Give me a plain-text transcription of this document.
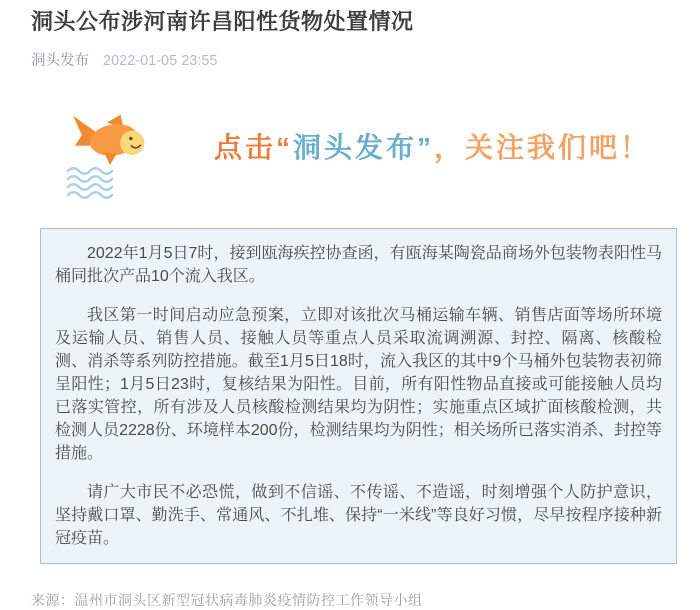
洞头公布涉河南许昌阳性货物处置情况
洞头发布 2022-01-05 23:55
点击“洞头发布”，关注我们吧！

2022年1月5日7时，接到瓯海疾控协查函，有瓯海某陶瓷品商场外包装物表阳性马桶同批次产品10个流入我区。

我区第一时间启动应急预案，立即对该批次马桶运输车辆、销售店面等场所环境及运输人员、销售人员、接触人员等重点人员采取流调溯源、封控、隔离、核酸检测、消杀等系列防控措施。截至1月5日18时，流入我区的其中9个马桶外包装物表初筛呈阳性；1月5日23时，复核结果为阳性。目前，所有阳性物品直接或可能接触人员均已落实管控，所有涉及人员核酸检测结果均为阴性；实施重点区域扩面核酸检测，共检测人员2228份、环境样本200份，检测结果均为阴性；相关场所已落实消杀、封控等措施。

请广大市民不必恐慌，做到不信谣、不传谣、不造谣，时刻增强个人防护意识，坚持戴口罩、勤洗手、常通风、不扎堆、保持“一米线”等良好习惯，尽早按程序接种新冠疫苗。

来源：温州市洞头区新型冠状病毒肺炎疫情防控工作领导小组
